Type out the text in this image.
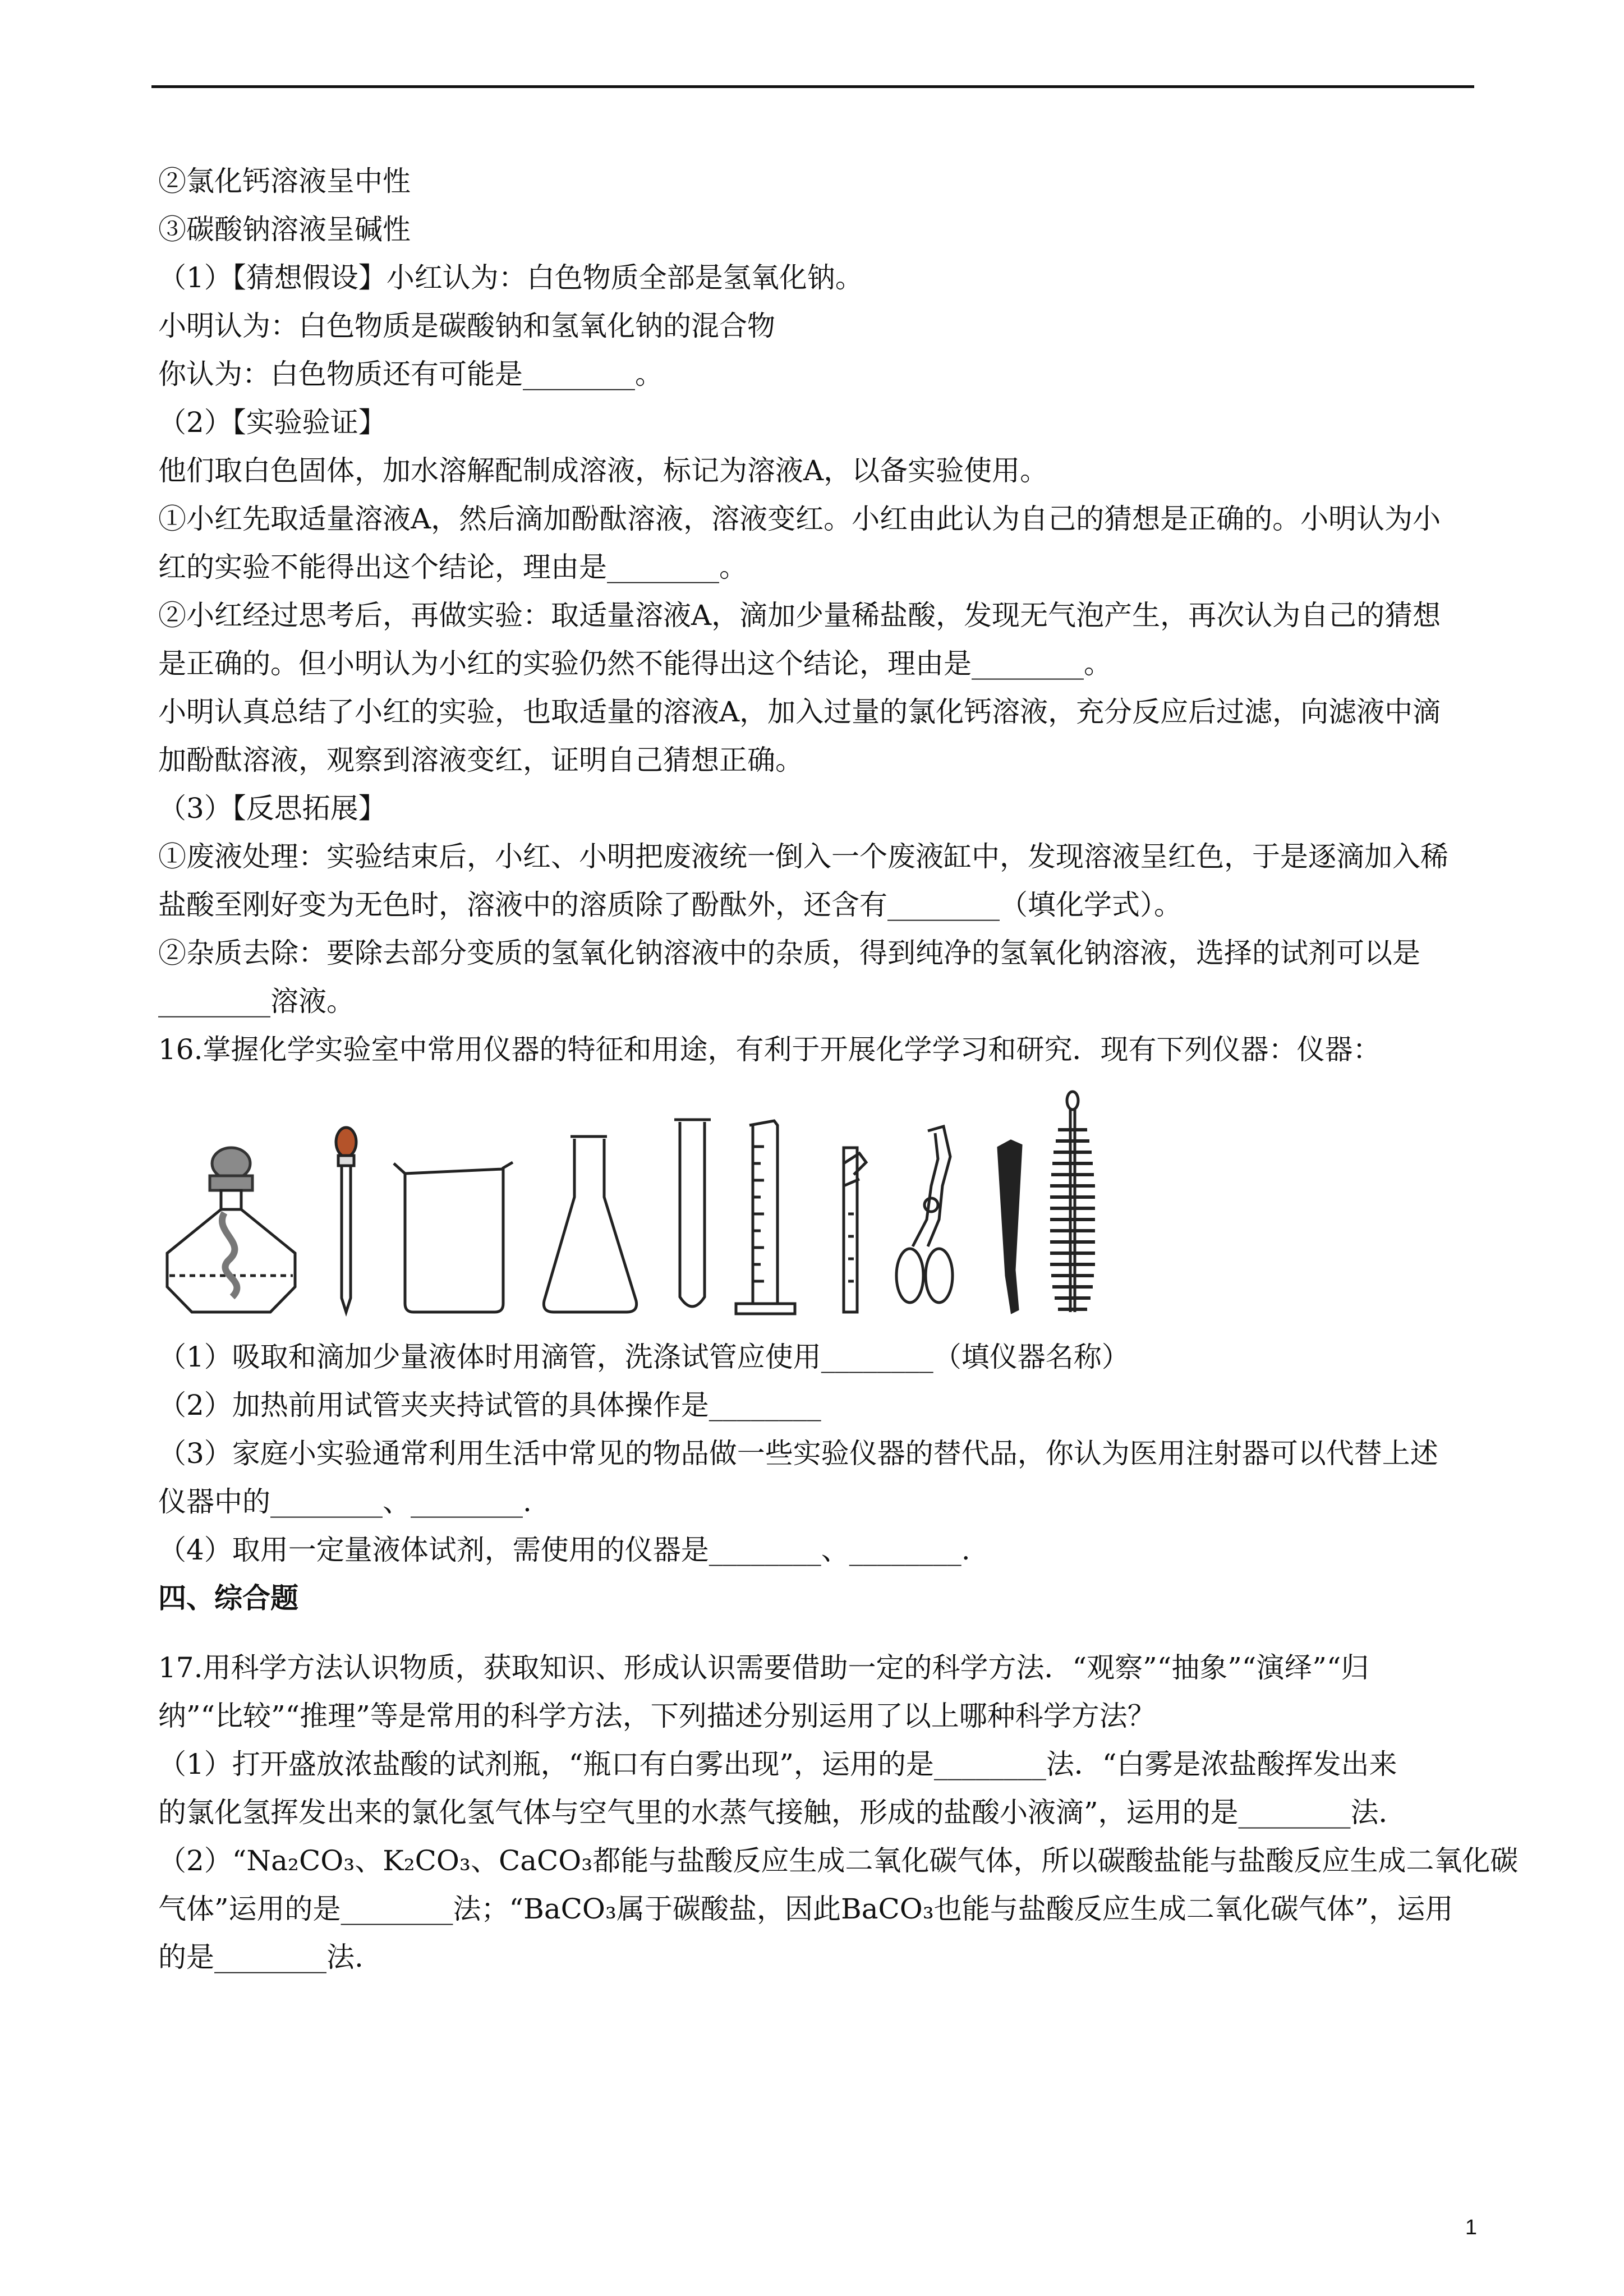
②氯化钙溶液呈中性
③碳酸钠溶液呈碱性
（1）【猜想假设】小红认为：白色物质全部是氢氧化钠。
小明认为：白色物质是碳酸钠和氢氧化钠的混合物
你认为：白色物质还有可能是________。
（2）【实验验证】
他们取白色固体，加水溶解配制成溶液，标记为溶液A，以备实验使用。
①小红先取适量溶液A，然后滴加酚酞溶液，溶液变红。小红由此认为自己的猜想是正确的。小明认为小
红的实验不能得出这个结论，理由是________。
②小红经过思考后，再做实验：取适量溶液A，滴加少量稀盐酸，发现无气泡产生，再次认为自己的猜想
是正确的。但小明认为小红的实验仍然不能得出这个结论，理由是________。
小明认真总结了小红的实验，也取适量的溶液A，加入过量的氯化钙溶液，充分反应后过滤，向滤液中滴
加酚酞溶液，观察到溶液变红，证明自己猜想正确。
（3）【反思拓展】
①废液处理：实验结束后，小红、小明把废液统一倒入一个废液缸中，发现溶液呈红色，于是逐滴加入稀
盐酸至刚好变为无色时，溶液中的溶质除了酚酞外，还含有________（填化学式）。
②杂质去除：要除去部分变质的氢氧化钠溶液中的杂质，得到纯净的氢氧化钠溶液，选择的试剂可以是
________溶液。
16.掌握化学实验室中常用仪器的特征和用途，有利于开展化学学习和研究．现有下列仪器：仪器：
（1）吸取和滴加少量液体时用滴管，洗涤试管应使用________（填仪器名称）
（2）加热前用试管夹夹持试管的具体操作是________
（3）家庭小实验通常利用生活中常见的物品做一些实验仪器的替代品，你认为医用注射器可以代替上述
仪器中的________、________.
（4）取用一定量液体试剂，需使用的仪器是________、________.
四、综合题
17.用科学方法认识物质，获取知识、形成认识需要借助一定的科学方法．“观察”“抽象”“演绎”“归
纳”“比较”“推理”等是常用的科学方法，下列描述分别运用了以上哪种科学方法？
（1）打开盛放浓盐酸的试剂瓶，“瓶口有白雾出现”，运用的是________法．“白雾是浓盐酸挥发出来
的氯化氢挥发出来的氯化氢气体与空气里的水蒸气接触，形成的盐酸小液滴”，运用的是________法．
（2）“Na₂CO₃、K₂CO₃、CaCO₃都能与盐酸反应生成二氧化碳气体，所以碳酸盐能与盐酸反应生成二氧化碳
气体”运用的是________法；“BaCO₃属于碳酸盐，因此BaCO₃也能与盐酸反应生成二氧化碳气体”，运用
的是________法.
1
